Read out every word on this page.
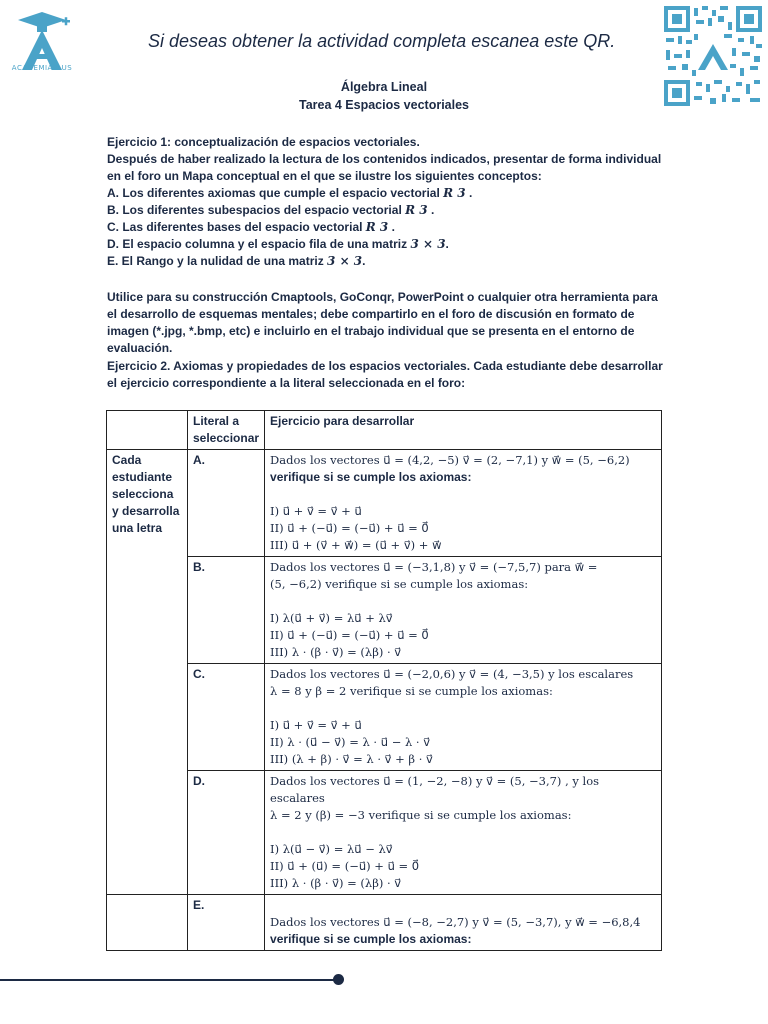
ACADEMIAPLUS
Si deseas obtener la actividad completa escanea este QR.
Álgebra Lineal
Tarea 4 Espacios vectoriales

Ejercicio 1: conceptualización de espacios vectoriales.

Después de haber realizado la lectura de los contenidos indicados, presentar de forma individual en el foro un Mapa conceptual en el que se ilustre los siguientes conceptos:

A. Los diferentes axiomas que cumple el espacio vectorial R 3 .

B. Los diferentes subespacios del espacio vectorial R 3 .

C. Las diferentes bases del espacio vectorial R 3 .

D. El espacio columna y el espacio fila de una matriz 3 × 3.

E. El Rango y la nulidad de una matriz 3 × 3.

Utilice para su construcción Cmaptools, GoConqr, PowerPoint o cualquier otra herramienta para el desarrollo de esquemas mentales; debe compartirlo en el foro de discusión en formato de imagen (*.jpg, *.bmp, etc) e incluirlo en el trabajo individual que se presenta en el entorno de evaluación.
Ejercicio 2. Axiomas y propiedades de los espacios vectoriales. Cada estudiante debe desarrollar el ejercicio correspondiente a la literal seleccionada en el foro:
	Literal a seleccionar	Ejercicio para desarrollar
Cada estudiante selecciona y desarrolla una letra	A.	Dados los vectores u⃗ = (4,2, −5) v⃗ = (2, −7,1) y w⃗ = (5, −6,2)
verifique si se cumple los axiomas:
I) u⃗ + v⃗ = v⃗ + u⃗
II) u⃗ + (−u⃗) = (−u⃗) + u⃗ = 0⃗
III) u⃗ + (v⃗ + w⃗) = (u⃗ + v⃗) + w⃗

	B.	Dados los vectores u⃗ = (−3,1,8) y v⃗ = (−7,5,7) para w⃗ =
(5, −6,2) verifique si se cumple los axiomas:
I) λ(u⃗ + v⃗) = λu⃗ + λv⃗
II) u⃗ + (−u⃗) = (−u⃗) + u⃗ = 0⃗
III) λ · (β · v⃗) = (λβ) · v⃗

	C.	Dados los vectores u⃗ = (−2,0,6) y v⃗ = (4, −3,5) y los escalares
λ = 8 y β = 2 verifique si se cumple los axiomas:
I) u⃗ + v⃗ = v⃗ + u⃗
II) λ · (u⃗ − v⃗) = λ · u⃗ − λ · v⃗
III) (λ + β) · v⃗ = λ · v⃗ + β · v⃗

	D.	Dados los vectores u⃗ = (1, −2, −8) y v⃗ = (5, −3,7) , y los escalares
λ = 2 y (β) = −3 verifique si se cumple los axiomas:
I) λ(u⃗ − v⃗) = λu⃗ − λv⃗
II) u⃗ + (u⃗) = (−u⃗) + u⃗ = 0⃗
III) λ · (β · v⃗) = (λβ) · v⃗

	E.	Dados los vectores u⃗ = (−8, −2,7) y v⃗ = (5, −3,7), y w⃗ = −6,8,4
verifique si se cumple los axiomas:
